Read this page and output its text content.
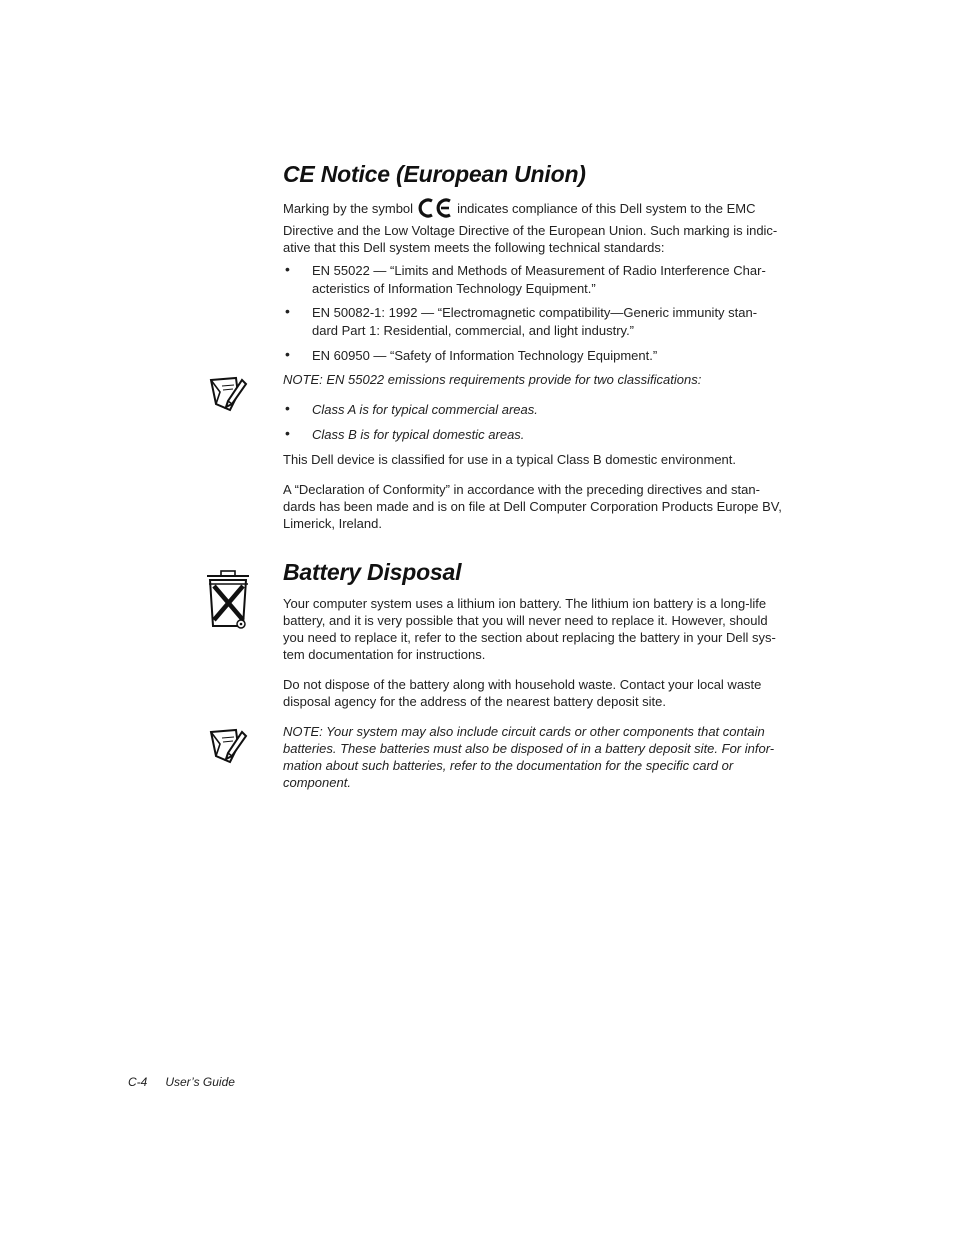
CE Notice (European Union)

Marking by the symbol	indicates compliance of this Dell system to the EMC
Directive and the Low Voltage Directive of the European Union. Such marking is indic-
ative that this Dell system meets the following technical standards:

• EN 55022 — “Limits and Methods of Measurement of Radio Interference Char-
acteristics of Information Technology Equipment.”
• EN 50082-1: 1992 — “Electromagnetic compatibility—Generic immunity stan-
dard Part 1: Residential, commercial, and light industry.”
• EN 60950 — “Safety of Information Technology Equipment.”

NOTE: EN 55022 emissions requirements provide for two classifications:

• Class A is for typical commercial areas.
• Class B is for typical domestic areas.

This Dell device is classified for use in a typical Class B domestic environment.

A “Declaration of Conformity” in accordance with the preceding directives and stan-
dards has been made and is on file at Dell Computer Corporation Products Europe BV,
Limerick, Ireland.

Battery Disposal

Your computer system uses a lithium ion battery. The lithium ion battery is a long-life
battery, and it is very possible that you will never need to replace it. However, should
you need to replace it, refer to the section about replacing the battery in your Dell sys-
tem documentation for instructions.

Do not dispose of the battery along with household waste. Contact your local waste
disposal agency for the address of the nearest battery deposit site.

NOTE: Your system may also include circuit cards or other components that contain
batteries. These batteries must also be disposed of in a battery deposit site. For infor-
mation about such batteries, refer to the documentation for the specific card or
component.

C-4 User’s Guide
